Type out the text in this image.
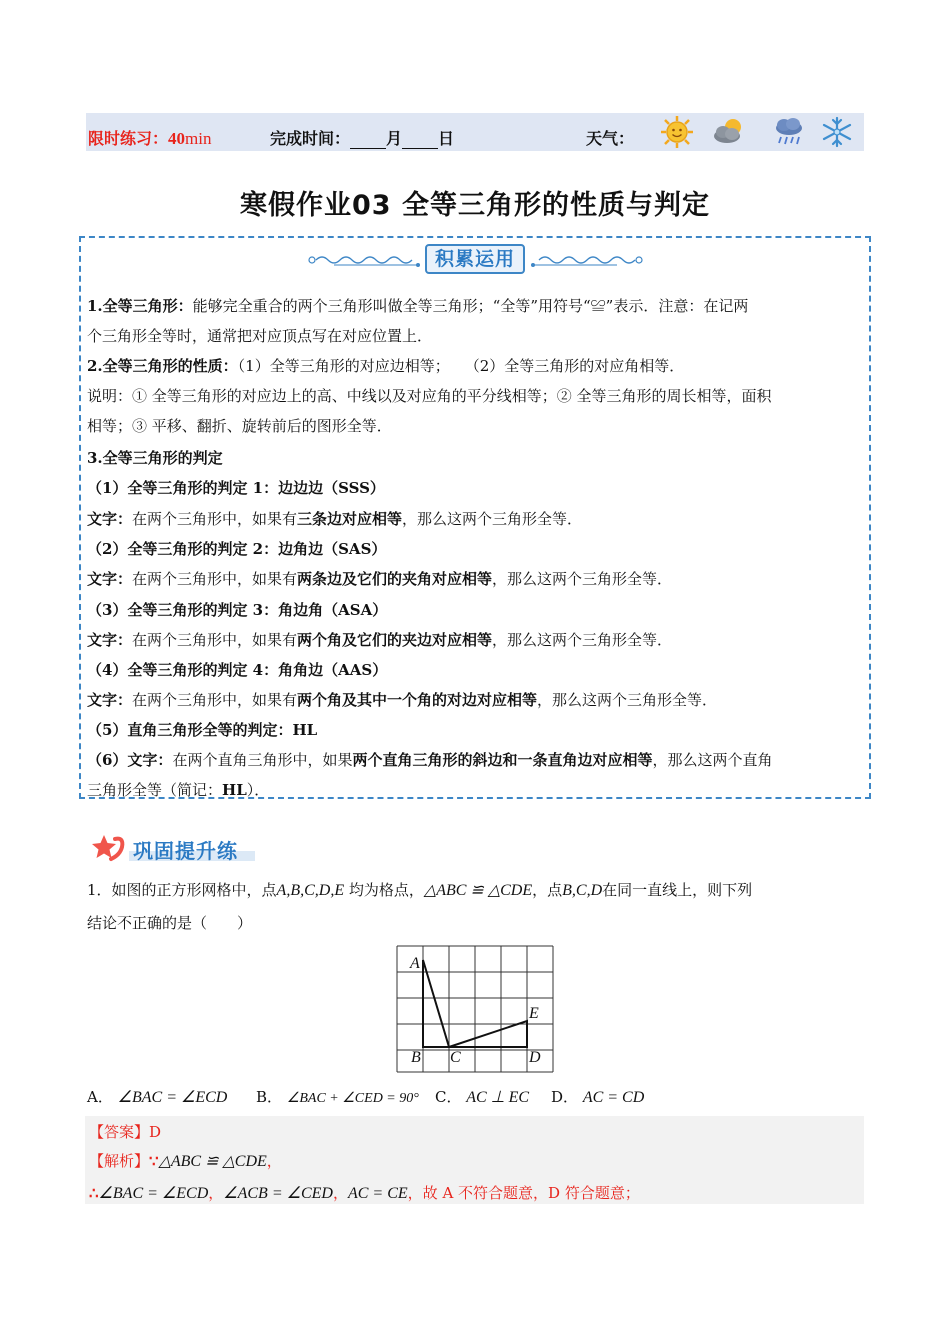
限时练习：40min	完成时间： 月 日	天气：
寒假作业03 全等三角形的性质与判定
积累运用
1.全等三角形：能够完全重合的两个三角形叫做全等三角形；“全等”用符号“≌”表示．注意：在记两
个三角形全等时，通常把对应顶点写在对应位置上．
2.全等三角形的性质：（1）全等三角形的对应边相等；　　（2）全等三角形的对应角相等．
说明：① 全等三角形的对应边上的高、中线以及对应角的平分线相等；② 全等三角形的周长相等，面积
相等；③ 平移、翻折、旋转前后的图形全等．
3.全等三角形的判定
（1）全等三角形的判定 1：边边边（SSS）
文字：在两个三角形中，如果有三条边对应相等，那么这两个三角形全等．
（2）全等三角形的判定 2：边角边（SAS）
文字：在两个三角形中，如果有两条边及它们的夹角对应相等，那么这两个三角形全等．
（3）全等三角形的判定 3：角边角（ASA）
文字：在两个三角形中，如果有两个角及它们的夹边对应相等，那么这两个三角形全等．
（4）全等三角形的判定 4：角角边（AAS）
文字：在两个三角形中，如果有两个角及其中一个角的对边对应相等，那么这两个三角形全等．
（5）直角三角形全等的判定：HL
（6）文字：在两个直角三角形中，如果两个直角三角形的斜边和一条直角边对应相等，那么这两个直角
三角形全等（简记：HL）．
巩固提升练
1．如图的正方形网格中，点A,B,C,D,E 均为格点，△ABC ≌ △CDE，点B,C,D在同一直线上，则下列
结论不正确的是（　　）
A
B C	D
E
A． ∠BAC = ∠ECD B． ∠BAC + ∠CED = 90° C． AC ⊥ EC D． AC = CD
【答案】D
【解析】∵△ABC ≌ △CDE，
∴∠BAC = ∠ECD，∠ACB = ∠CED，AC = CE，故 A 不符合题意，D 符合题意；
